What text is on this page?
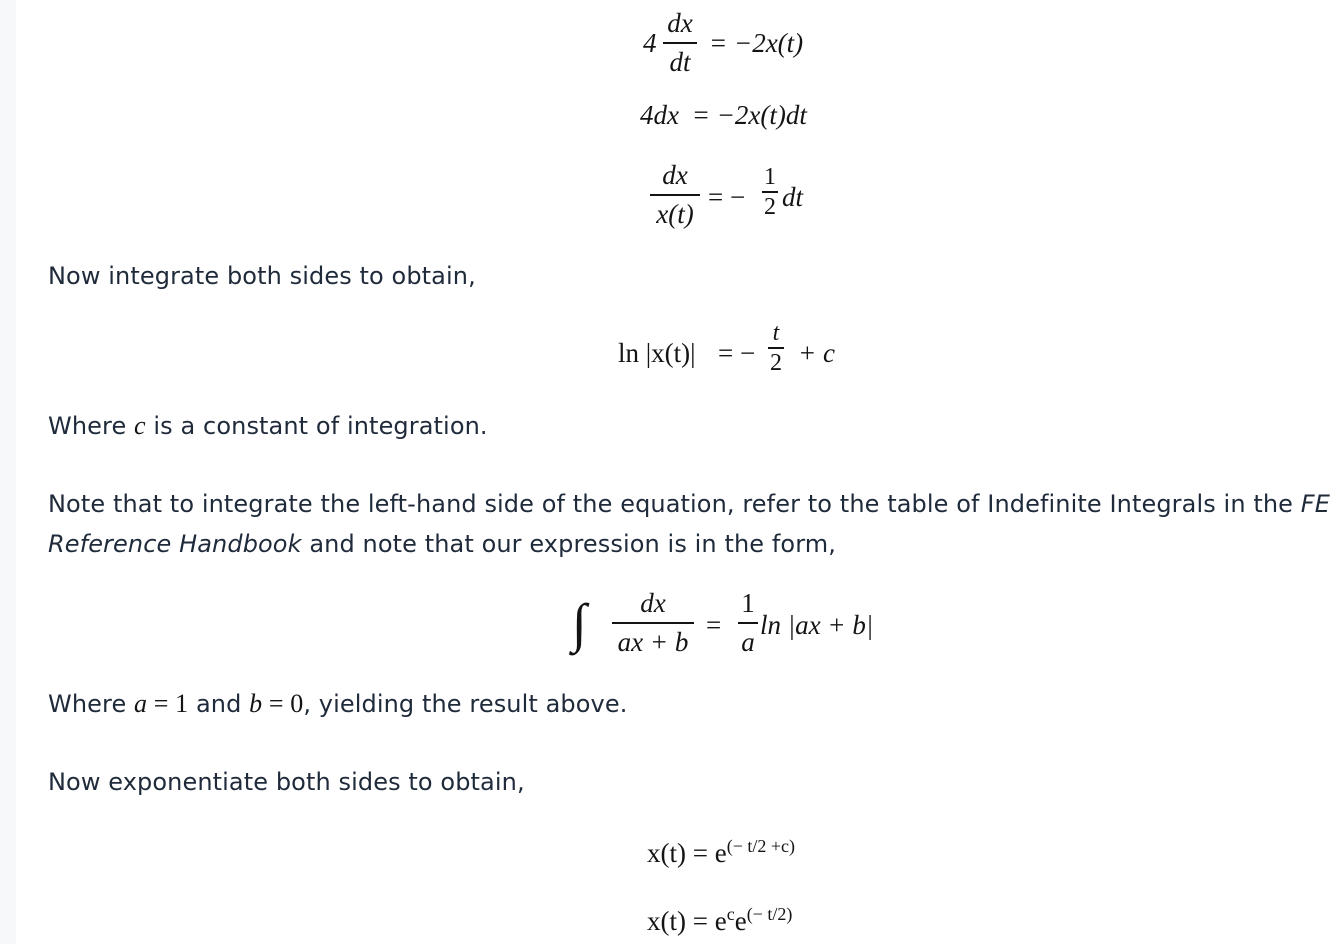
4
dx
dt
= −2x(t)
4dx = −2x(t)dt
dx
x(t)
= −
1
2 dt
Now integrate both sides to obtain,
ln |x(t)| = −
t
2 + c
Where c is a constant of integration.
Note that to integrate the left-hand side of the equation, refer to the table of Indefinite Integrals in the FE
Reference Handbook and note that our expression is in the form,
∫	dx
ax + b
=
1
a
ln |ax + b|
Where a = 1 and b = 0, yielding the result above.
Now exponentiate both sides to obtain,
$x(t) = e^{(- t/2 +c)}$
$x(t) = e^ce^{(- t/2)}$
